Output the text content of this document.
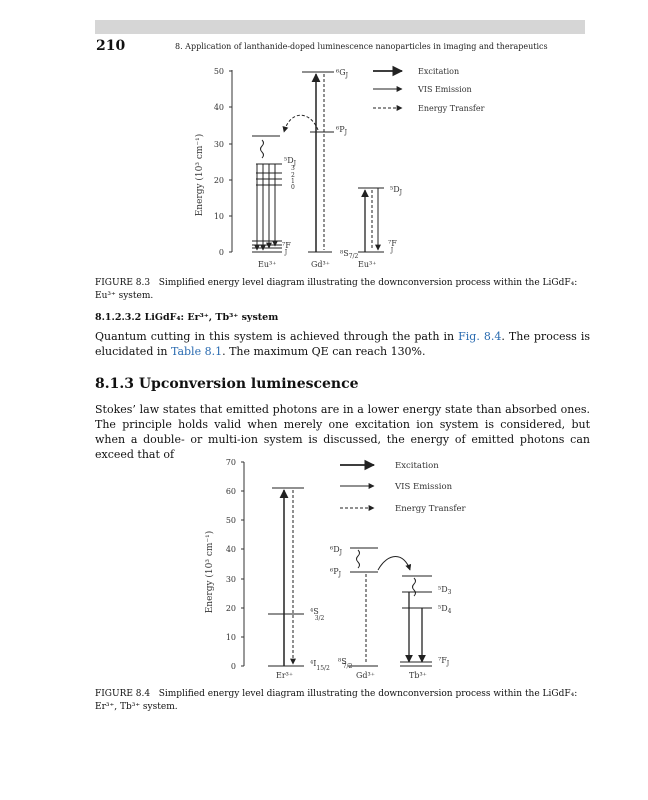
210	8. Application of lanthanide-doped luminescence nanoparticles in imaging and therapeutics
Energy (10³ cm⁻¹)
0
10
20
30
40
50
$^5D_J$
3
2
1
0
⁷F J
$^6G_J$
$^6P_J$
$^8S_{7/2}$
$^5D_J$
⁷F J
Eu³⁺	Gd³⁺	Eu³⁺
Excitation
VIS Emission
Energy Transfer
FIGURE 8.3 Simplified energy level diagram illustrating the downconversion process within the LiGdF₄: Eu³⁺ system.
8.1.2.3.2 LiGdF₄: Er³⁺, Tb³⁺ system
Quantum cutting in this system is achieved through the path in Fig. 8.4. The process is elucidated in Table 8.1. The maximum QE can reach 130%.
8.1.3 Upconversion luminescence
Stokes’ law states that emitted photons are in a lower energy state than absorbed ones. The principle holds valid when merely one excitation ion system is considered, but when a double- or multi-ion system is discussed, the energy of emitted photons can exceed that of
Energy (10³ cm⁻¹)
0
10
20
30
40
50
60
70
⁴S 3/2
$^4I_{15/2}$
$^6D_J$
$^6P_J$
⁸S 7/2
$^5D_3$
$^5D_4$
$^7F_J$
Er³⁺	Gd³⁺	Tb³⁺
Excitation
VIS Emission
Energy Transfer
FIGURE 8.4 Simplified energy level diagram illustrating the downconversion process within the LiGdF₄: Er³⁺, Tb³⁺ system.
